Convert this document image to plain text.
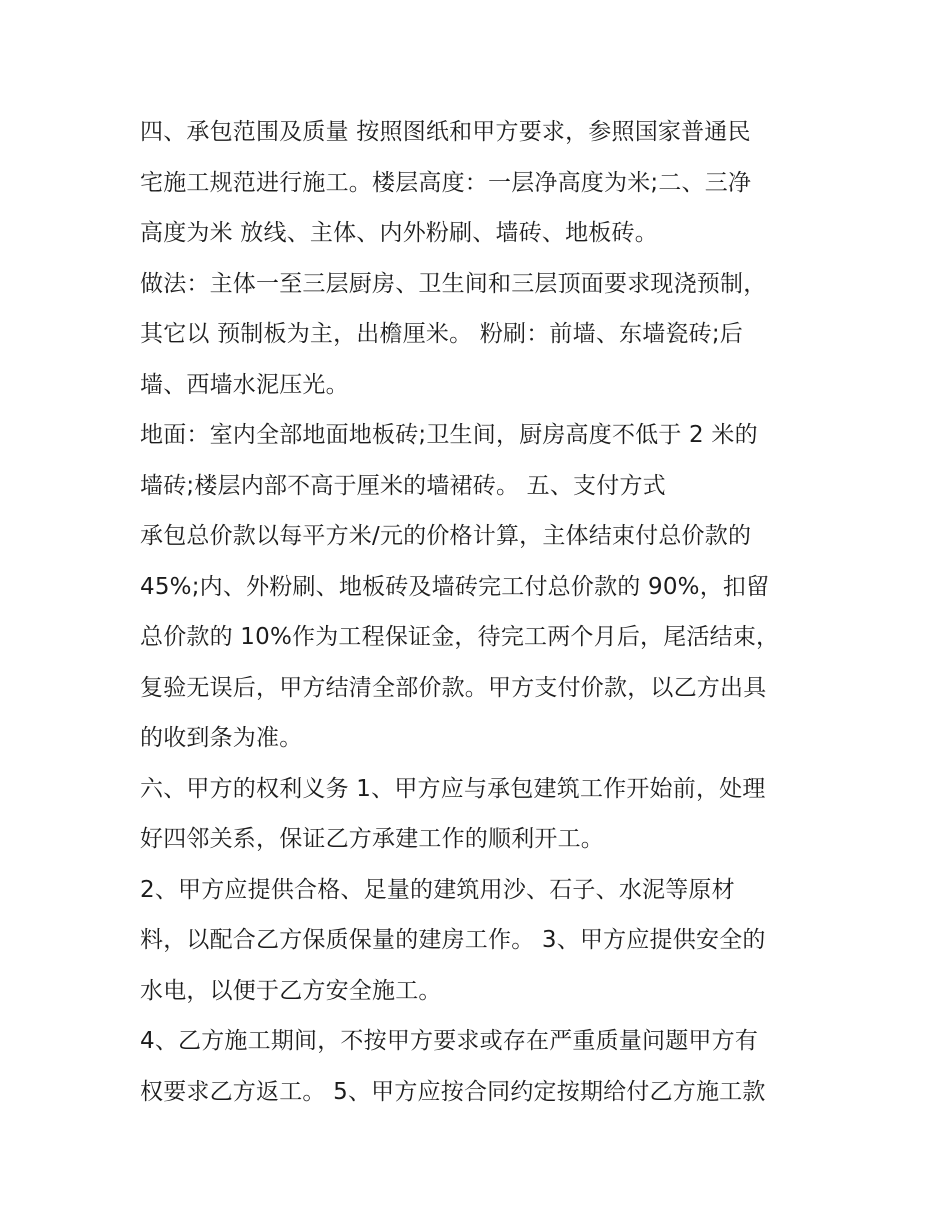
四、承包范围及质量 按照图纸和甲方要求，参照国家普通民
宅施工规范进行施工。楼层高度：一层净高度为米;二、三净
高度为米 放线、主体、内外粉刷、墙砖、地板砖。
做法：主体一至三层厨房、卫生间和三层顶面要求现浇预制，
其它以 预制板为主，出檐厘米。 粉刷：前墙、东墙瓷砖;后
墙、西墙水泥压光。
地面：室内全部地面地板砖;卫生间，厨房高度不低于 2 米的
墙砖;楼层内部不高于厘米的墙裙砖。 五、支付方式
承包总价款以每平方米/元的价格计算，主体结束付总价款的
45%;内、外粉刷、地板砖及墙砖完工付总价款的 90%，扣留
总价款的 10%作为工程保证金，待完工两个月后，尾活结束，
复验无误后，甲方结清全部价款。甲方支付价款，以乙方出具
的收到条为准。
六、甲方的权利义务 1、甲方应与承包建筑工作开始前，处理
好四邻关系，保证乙方承建工作的顺利开工。
2、甲方应提供合格、足量的建筑用沙、石子、水泥等原材
料，以配合乙方保质保量的建房工作。 3、甲方应提供安全的
水电，以便于乙方安全施工。
4、乙方施工期间，不按甲方要求或存在严重质量问题甲方有
权要求乙方返工。 5、甲方应按合同约定按期给付乙方施工款
